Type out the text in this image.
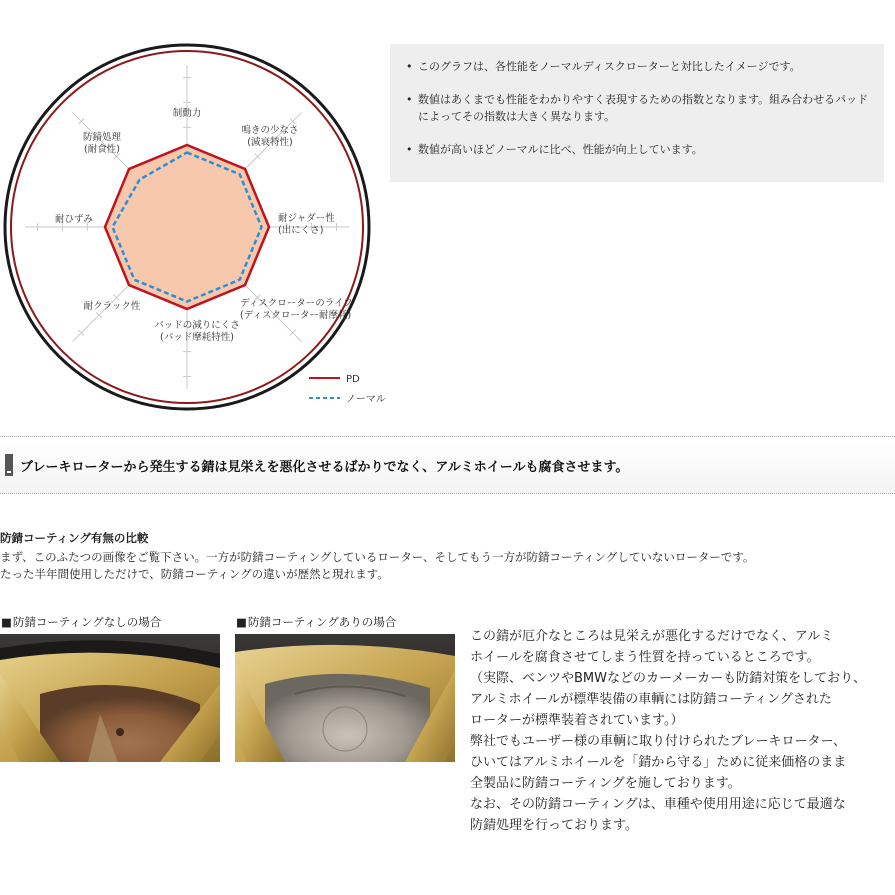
制動力
鳴きの少なさ(減衰特性)
耐ジャダー性(出にくさ)
ディスクローターのライフ(ディスクローター耐摩耗)
パッドの減りにくさ(パッド摩耗特性)
耐クラック性
耐ひずみ
防錆処理(耐食性)
PD
ノーマル
• このグラフは、各性能をノーマルディスクローターと対比したイメージです。
• 数値はあくまでも性能をわかりやすく表現するための指数となります。組み合わせるパッドによってその指数は大きく異なります。
• 数値が高いほどノーマルに比べ、性能が向上しています。
ブレーキローターから発生する錆は見栄えを悪化させるばかりでなく、アルミホイールも腐食させます。
防錆コーティング有無の比較
まず、このふたつの画像をご覧下さい。一方が防錆コーティングしているローター、そしてもう一方が防錆コーティングしていないローターです。
たった半年間使用しただけで、防錆コーティングの違いが歴然と現れます。
■防錆コーティングなしの場合	■防錆コーティングありの場合
この錆が厄介なところは見栄えが悪化するだけでなく、アルミ
ホイールを腐食させてしまう性質を持っているところです。
（実際、ベンツやBMWなどのカーメーカーも防錆対策をしており、
アルミホイールが標準装備の車輌には防錆コーティングされた
ローターが標準装着されています。）
弊社でもユーザー様の車輌に取り付けられたブレーキローター、
ひいてはアルミホイールを「錆から守る」ために従来価格のまま
全製品に防錆コーティングを施しております。
なお、その防錆コーティングは、車種や使用用途に応じて最適な
防錆処理を行っております。
